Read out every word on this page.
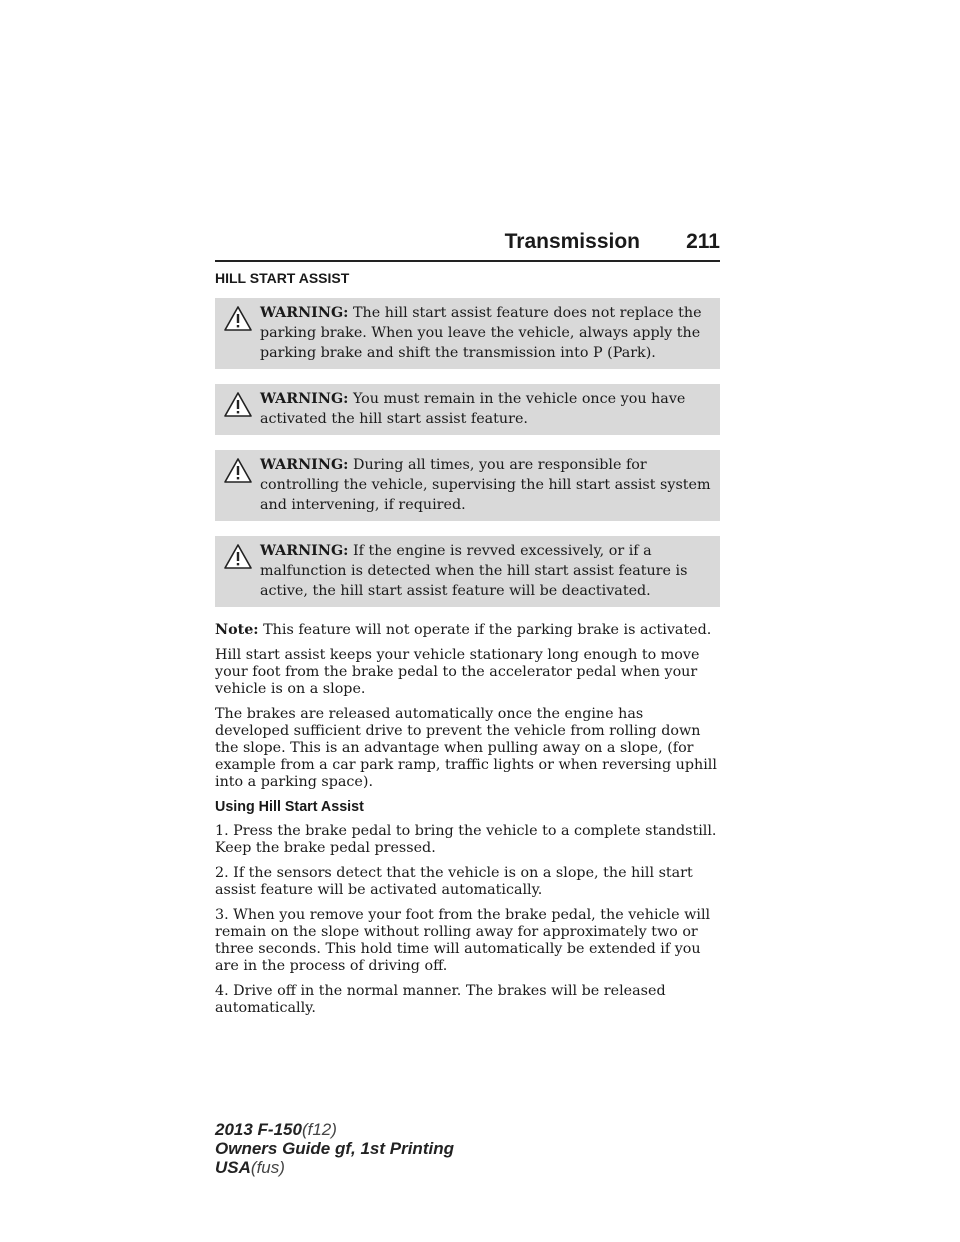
Transmission 211
HILL START ASSIST
WARNING: The hill start assist feature does not replace the parking brake. When you leave the vehicle, always apply the parking brake and shift the transmission into P (Park).
WARNING: You must remain in the vehicle once you have activated the hill start assist feature.
WARNING: During all times, you are responsible for controlling the vehicle, supervising the hill start assist system and intervening, if required.
WARNING: If the engine is revved excessively, or if a malfunction is detected when the hill start assist feature is active, the hill start assist feature will be deactivated.

Note: This feature will not operate if the parking brake is activated.

Hill start assist keeps your vehicle stationary long enough to move your foot from the brake pedal to the accelerator pedal when your vehicle is on a slope.

The brakes are released automatically once the engine has developed sufficient drive to prevent the vehicle from rolling down the slope. This is an advantage when pulling away on a slope, (for example from a car park ramp, traffic lights or when reversing uphill into a parking space).

Using Hill Start Assist

1. Press the brake pedal to bring the vehicle to a complete standstill. Keep the brake pedal pressed.

2. If the sensors detect that the vehicle is on a slope, the hill start assist feature will be activated automatically.

3. When you remove your foot from the brake pedal, the vehicle will remain on the slope without rolling away for approximately two or three seconds. This hold time will automatically be extended if you are in the process of driving off.

4. Drive off in the normal manner. The brakes will be released automatically.

2013 F-150(f12)
Owners Guide gf, 1st Printing
USA(fus)
